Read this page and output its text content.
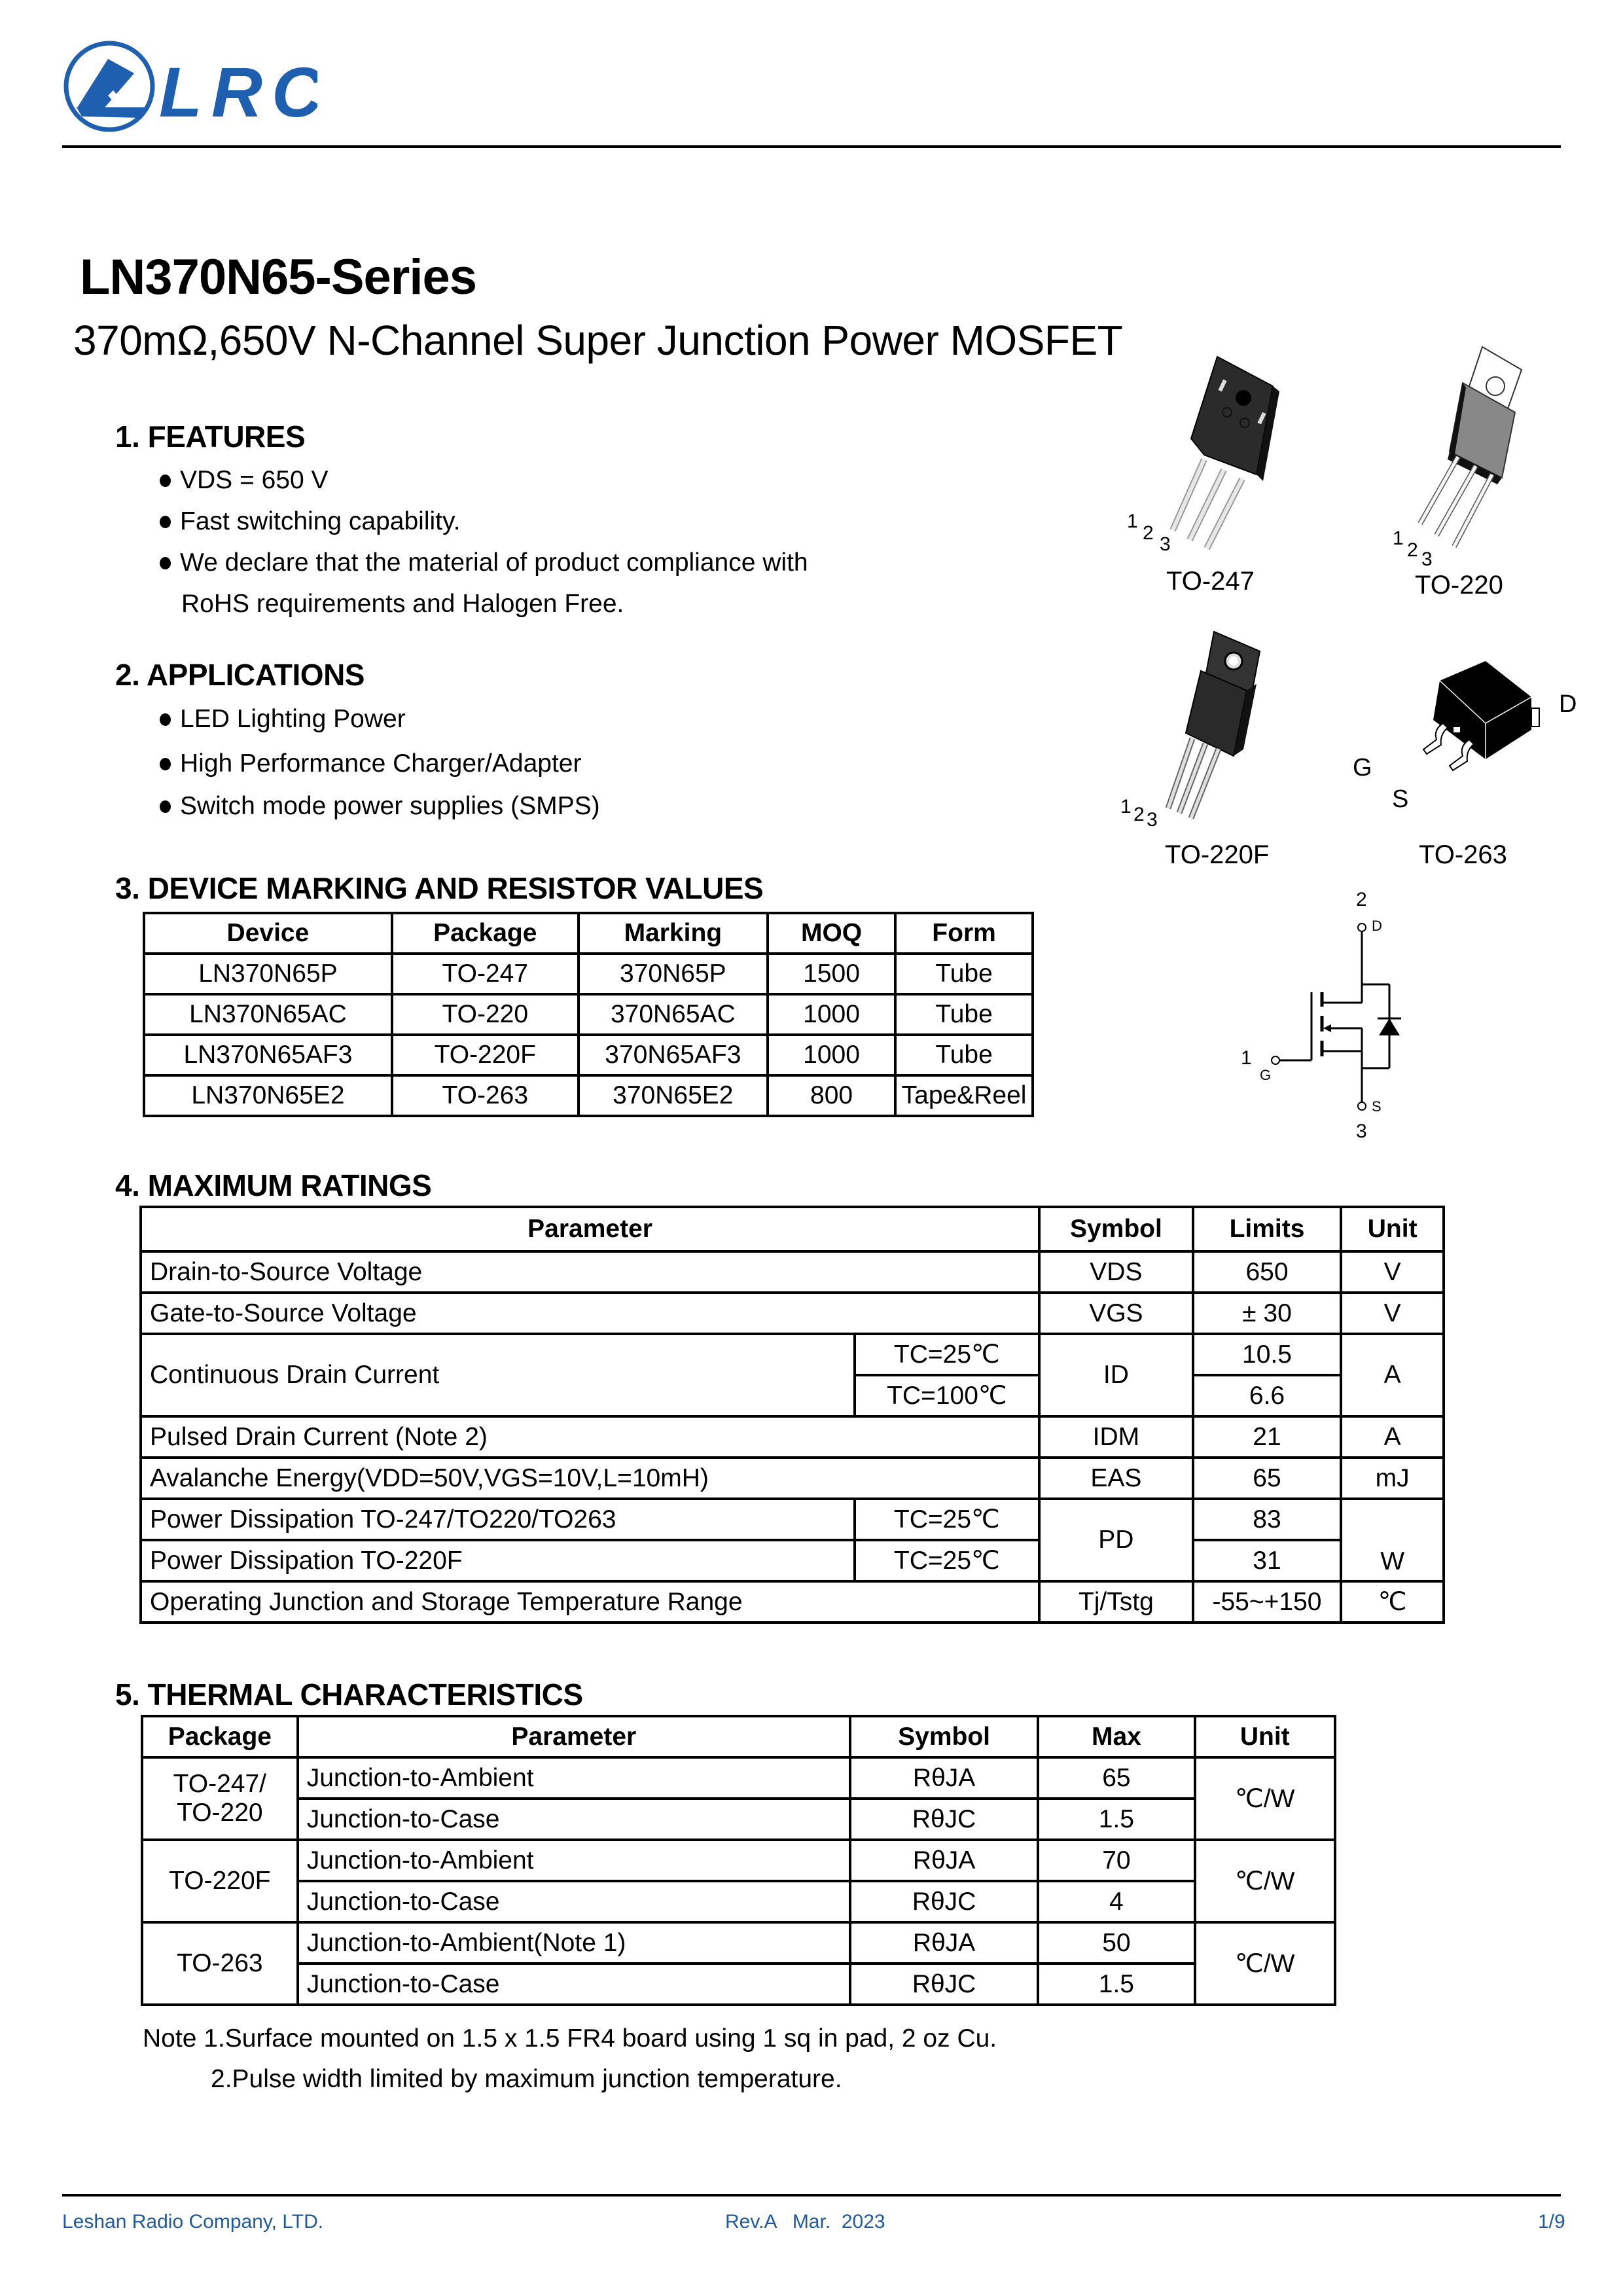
LRC
LN370N65-Series
370mΩ,650V N-Channel Super Junction Power MOSFET
1. FEATURES
VDS = 650 V
Fast switching capability.
We declare that the material of product compliance with
RoHS requirements and Halogen Free.
2. APPLICATIONS
LED Lighting Power
High Performance Charger/Adapter
Switch mode power supplies (SMPS)
1
2
3
TO-247
1
2 3
TO-220
1 2 3
TO-220F
G
S
D
TO-263
2
D
1
G
S
3
3. DEVICE MARKING AND RESISTOR VALUES
Device	Package	Marking	MOQ	Form
LN370N65P	TO-247	370N65P	1500	Tube
LN370N65AC	TO-220	370N65AC	1000	Tube
LN370N65AF3	TO-220F	370N65AF3	1000	Tube
LN370N65E2	TO-263	370N65E2	800	Tape&Reel
4. MAXIMUM RATINGS
Parameter		Symbol	Limits	Unit
Drain-to-Source Voltage		VDS	650	V
Gate-to-Source Voltage		VGS	± 30	V
Continuous Drain Current	TC=25℃	ID	10.5	A
	TC=100℃		6.6	
Pulsed Drain Current (Note 2)		IDM	21	A
Avalanche Energy(VDD=50V,VGS=10V,L=10mH)		EAS	65	mJ
Power Dissipation TO-247/TO220/TO263	TC=25℃	PD	83	W
Power Dissipation TO-220F	TC=25℃		31	
Operating Junction and Storage Temperature Range		Tj/Tstg	-55~+150	℃
5. THERMAL CHARACTERISTICS
Package	Parameter	Symbol	Max	Unit

TO-247/
TO-220	Junction-to-Ambient	RθJA	65	℃/W
	Junction-to-Case	RθJC	1.5	
TO-220F	Junction-to-Ambient	RθJA	70	℃/W
	Junction-to-Case	RθJC	4	
TO-263	Junction-to-Ambient(Note 1)	RθJA	50	℃/W
	Junction-to-Case	RθJC	1.5	
Note 1.Surface mounted on 1.5 x 1.5 FR4 board using 1 sq in pad, 2 oz Cu.
2.Pulse width limited by maximum junction temperature.
Leshan Radio Company, LTD.	Rev.A   Mar.  2023	1/9
